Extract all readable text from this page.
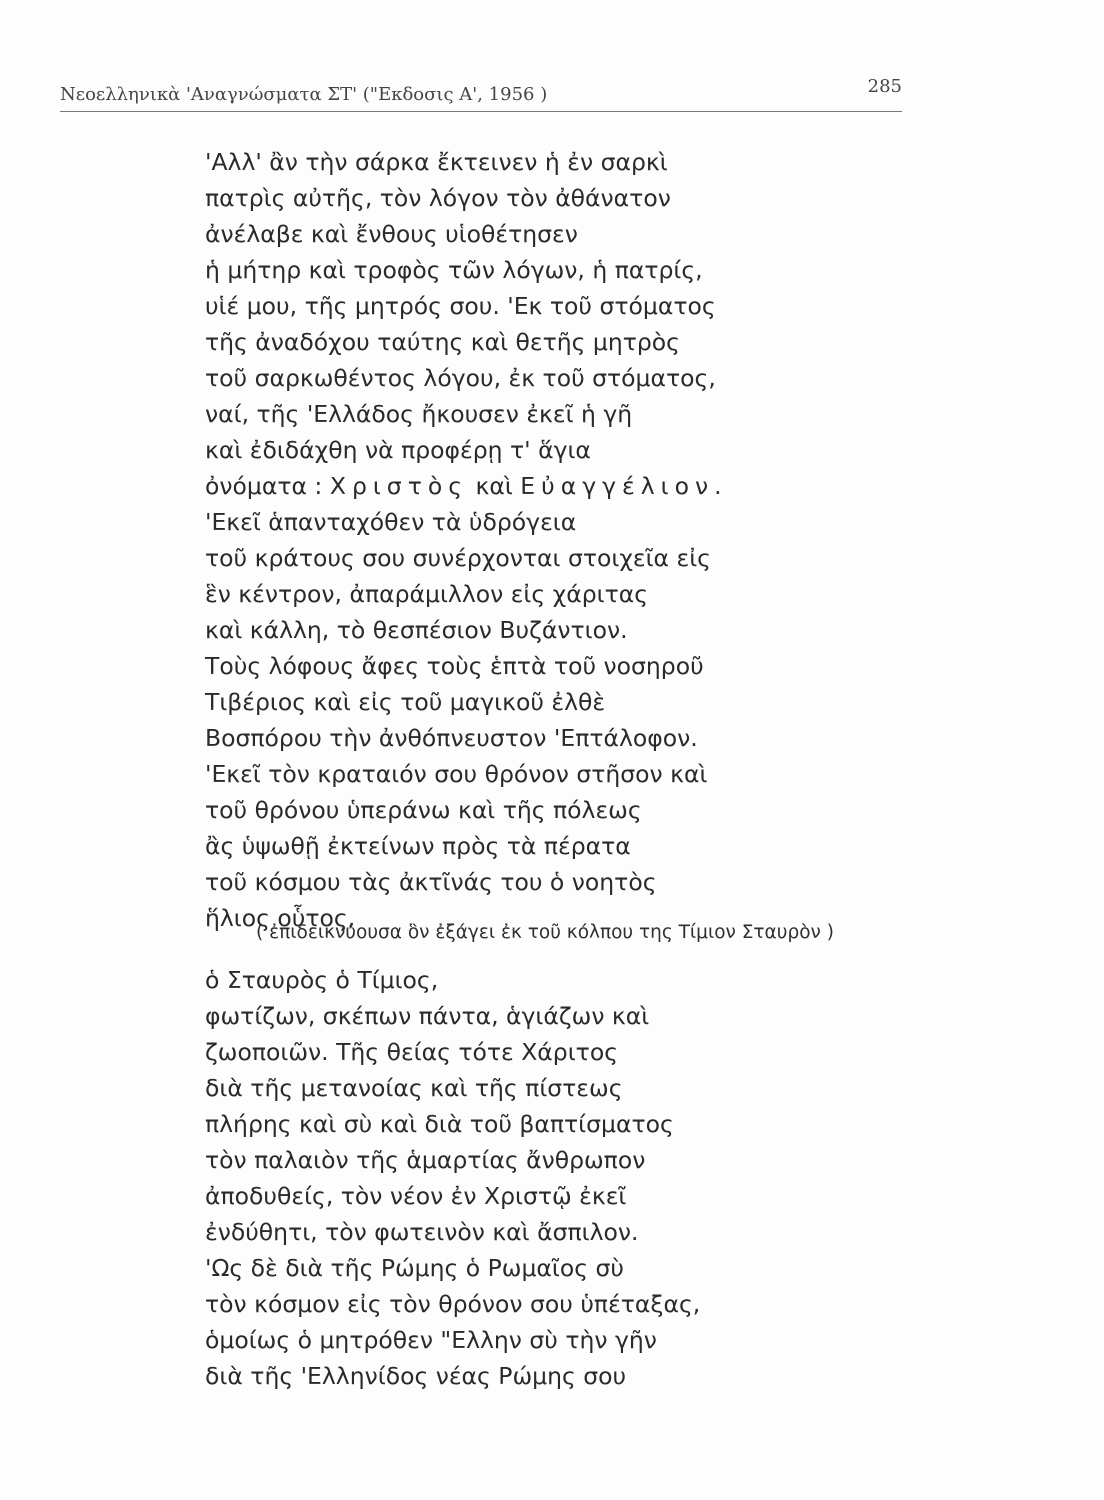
Νεοελληνικὰ 'Αναγνώσματα ΣΤ' ("Εκδοσις Α', 1956 )	285
'Αλλ' ἂν τὴν σάρκα ἔκτεινεν ἡ ἐν σαρκὶ
πατρὶς αὐτῆς, τὸν λόγον τὸν ἀθάνατον
ἀνέλαβε καὶ ἔνθους υἱοθέτησεν
ἡ μήτηρ καὶ τροφὸς τῶν λόγων, ἡ πατρίς,
υἱέ μου, τῆς μητρός σου. 'Εκ τοῦ στόματος
τῆς ἀναδόχου ταύτης καὶ θετῆς μητρὸς
τοῦ σαρκωθέντος λόγου, ἐκ τοῦ στόματος,
ναί, τῆς 'Ελλάδος ἤκουσεν ἐκεῖ ἡ γῆ
καὶ ἐδιδάχθη νὰ προφέρῃ τ' ἅγια
ὀνόματα : Χριστὸς καὶ Εὐαγγέλιον.
'Εκεῖ ἁπανταχόθεν τὰ ὑδρόγεια
τοῦ κράτους σου συνέρχονται στοιχεῖα εἰς
ἓν κέντρον, ἀπαράμιλλον εἰς χάριτας
καὶ κάλλη, τὸ θεσπέσιον Βυζάντιον.
Τοὺς λόφους ἄφες τοὺς ἑπτὰ τοῦ νοσηροῦ
Τιβέριος καὶ εἰς τοῦ μαγικοῦ ἐλθὲ
Βοσπόρου τὴν ἀνθόπνευστον 'Επτάλοφον.
'Εκεῖ τὸν κραταιόν σου θρόνον στῆσον καὶ
τοῦ θρόνου ὑπεράνω καὶ τῆς πόλεως
ἂς ὑψωθῇ ἐκτείνων πρὸς τὰ πέρατα
τοῦ κόσμου τὰς ἀκτῖνάς του ὁ νοητὸς
ἥλιος οὗτος,
( ἐπιδεικνύουσα ὃν ἐξάγει ἐκ τοῦ κόλπου της Τίμιον Σταυρὸν )
ὁ Σταυρὸς ὁ Τίμιος,
φωτίζων, σκέπων πάντα, ἁγιάζων καὶ
ζωοποιῶν. Τῆς θείας τότε Χάριτος
διὰ τῆς μετανοίας καὶ τῆς πίστεως
πλήρης καὶ σὺ καὶ διὰ τοῦ βαπτίσματος
τὸν παλαιὸν τῆς ἁμαρτίας ἄνθρωπον
ἀποδυθείς, τὸν νέον ἐν Χριστῷ ἐκεῖ
ἐνδύθητι, τὸν φωτεινὸν καὶ ἄσπιλον.
'Ως δὲ διὰ τῆς Ρώμης ὁ Ρωμαῖος σὺ
τὸν κόσμον εἰς τὸν θρόνον σου ὑπέταξας,
ὁμοίως ὁ μητρόθεν "Ελλην σὺ τὴν γῆν
διὰ τῆς 'Ελληνίδος νέας Ρώμης σου
